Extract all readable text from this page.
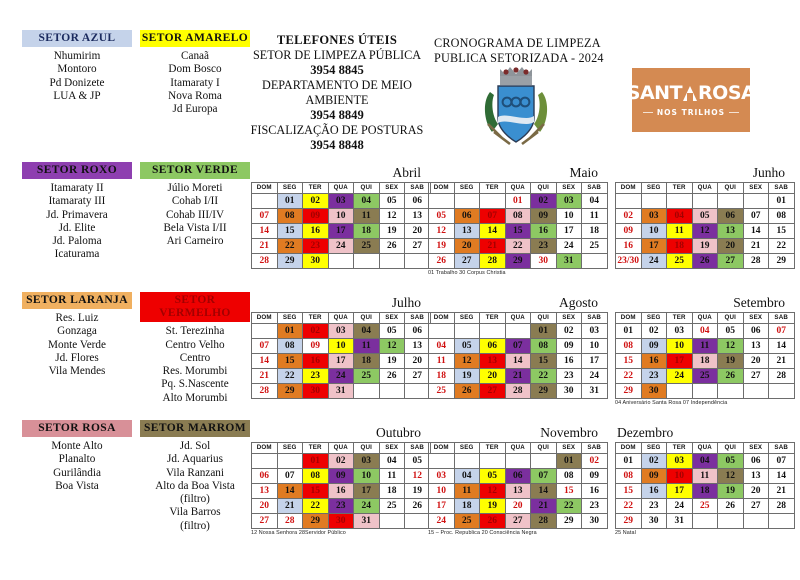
SETOR AZUL
Nhumirim
Montoro
Pd Donizete
LUA & JP
SETOR AMARELO
Canaã
Dom Bosco
Itamaraty I
Nova Roma
Jd Europa
SETOR ROXO
Itamaraty II
Itamaraty III
Jd. Primavera
Jd. Elite
Jd. Paloma
Icaturama
SETOR VERDE
Júlio Moreti
Cohab I/II
Cohab III/IV
Bela Vista I/II
Ari Carneiro
SETOR LARANJA
Res. Luiz
Gonzaga
Monte Verde
Jd. Flores
Vila Mendes
SETOR VERMELHO
St. Terezinha
Centro Velho
Centro
Res. Morumbi
Pq. S.Nascente
Alto Morumbi
SETOR ROSA
Monte Alto
Planalto
Gurilândia
Boa Vista
SETOR MARROM
Jd. Sol
Jd. Aquarius
Vila Ranzani
Alto da Boa Vista
(filtro)
Vila Barros
(filtro)
TELEFONES ÚTEIS
SETOR DE LIMPEZA PÚBLICA
3954 8845
DEPARTAMENTO DE MEIO AMBIENTE
3954 8849
FISCALIZAÇÃO DE POSTURAS
3954 8848
CRONOGRAMA DE LIMPEZA
PUBLICA SETORIZADA - 2024
SANT ROSA
NOS TRILHOS
Abril
DOM	SEG	TER	QUA	QUI	SEX	SAB
	01	02	03	04	05	06
07	08	09	10	11	12	13
14	15	16	17	18	19	20
21	22	23	24	25	26	27
28	29	30				
Maio
DOM	SEG	TER	QUA	QUI	SEX	SAB
			01	02	03	04
05	06	07	08	09	10	11
12	13	14	15	16	17	18
19	20	21	22	23	24	25
26	27	28	29	30	31	
01 Trabalho 30 Corpus Christia
Junho
DOM	SEG	TER	QUA	QUI	SEX	SAB
						01
02	03	04	05	06	07	08
09	10	11	12	13	14	15
16	17	18	19	20	21	22
23/30	24	25	26	27	28	29
Julho
DOM	SEG	TER	QUA	QUI	SEX	SAB
	01	02	03	04	05	06
07	08	09	10	11	12	13
14	15	16	17	18	19	20
21	22	23	24	25	26	27
28	29	30	31			
Agosto
DOM	SEG	TER	QUA	QUI	SEX	SAB
				01	02	03
04	05	06	07	08	09	10
11	12	13	14	15	16	17
18	19	20	21	22	23	24
25	26	27	28	29	30	31
Setembro
DOM	SEG	TER	QUA	QUI	SEX	SAB
01	02	03	04	05	06	07
08	09	10	11	12	13	14
15	16	17	18	19	20	21
22	23	24	25	26	27	28
29	30					
04 Aniversário Santa Rosa 07 Independência
Outubro
DOM	SEG	TER	QUA	QUI	SEX	SAB
		01	02	03	04	05
06	07	08	09	10	11	12
13	14	15	16	17	18	19
20	21	22	23	24	25	26
27	28	29	30	31		
12 Nossa Senhora 28Servidor Público
Novembro
DOM	SEG	TER	QUA	QUI	SEX	SAB
					01	02
03	04	05	06	07	08	09
10	11	12	13	14	15	16
17	18	19	20	21	22	23
24	25	26	27	28	29	30
15 – Proc. Republica 20 Consciência Negra
Dezembro
DOM	SEG	TER	QUA	QUI	SEX	SAB
01	02	03	04	05	06	07
08	09	10	11	12	13	14
15	16	17	18	19	20	21
22	23	24	25	26	27	28
29	30	31				
25 Natal
